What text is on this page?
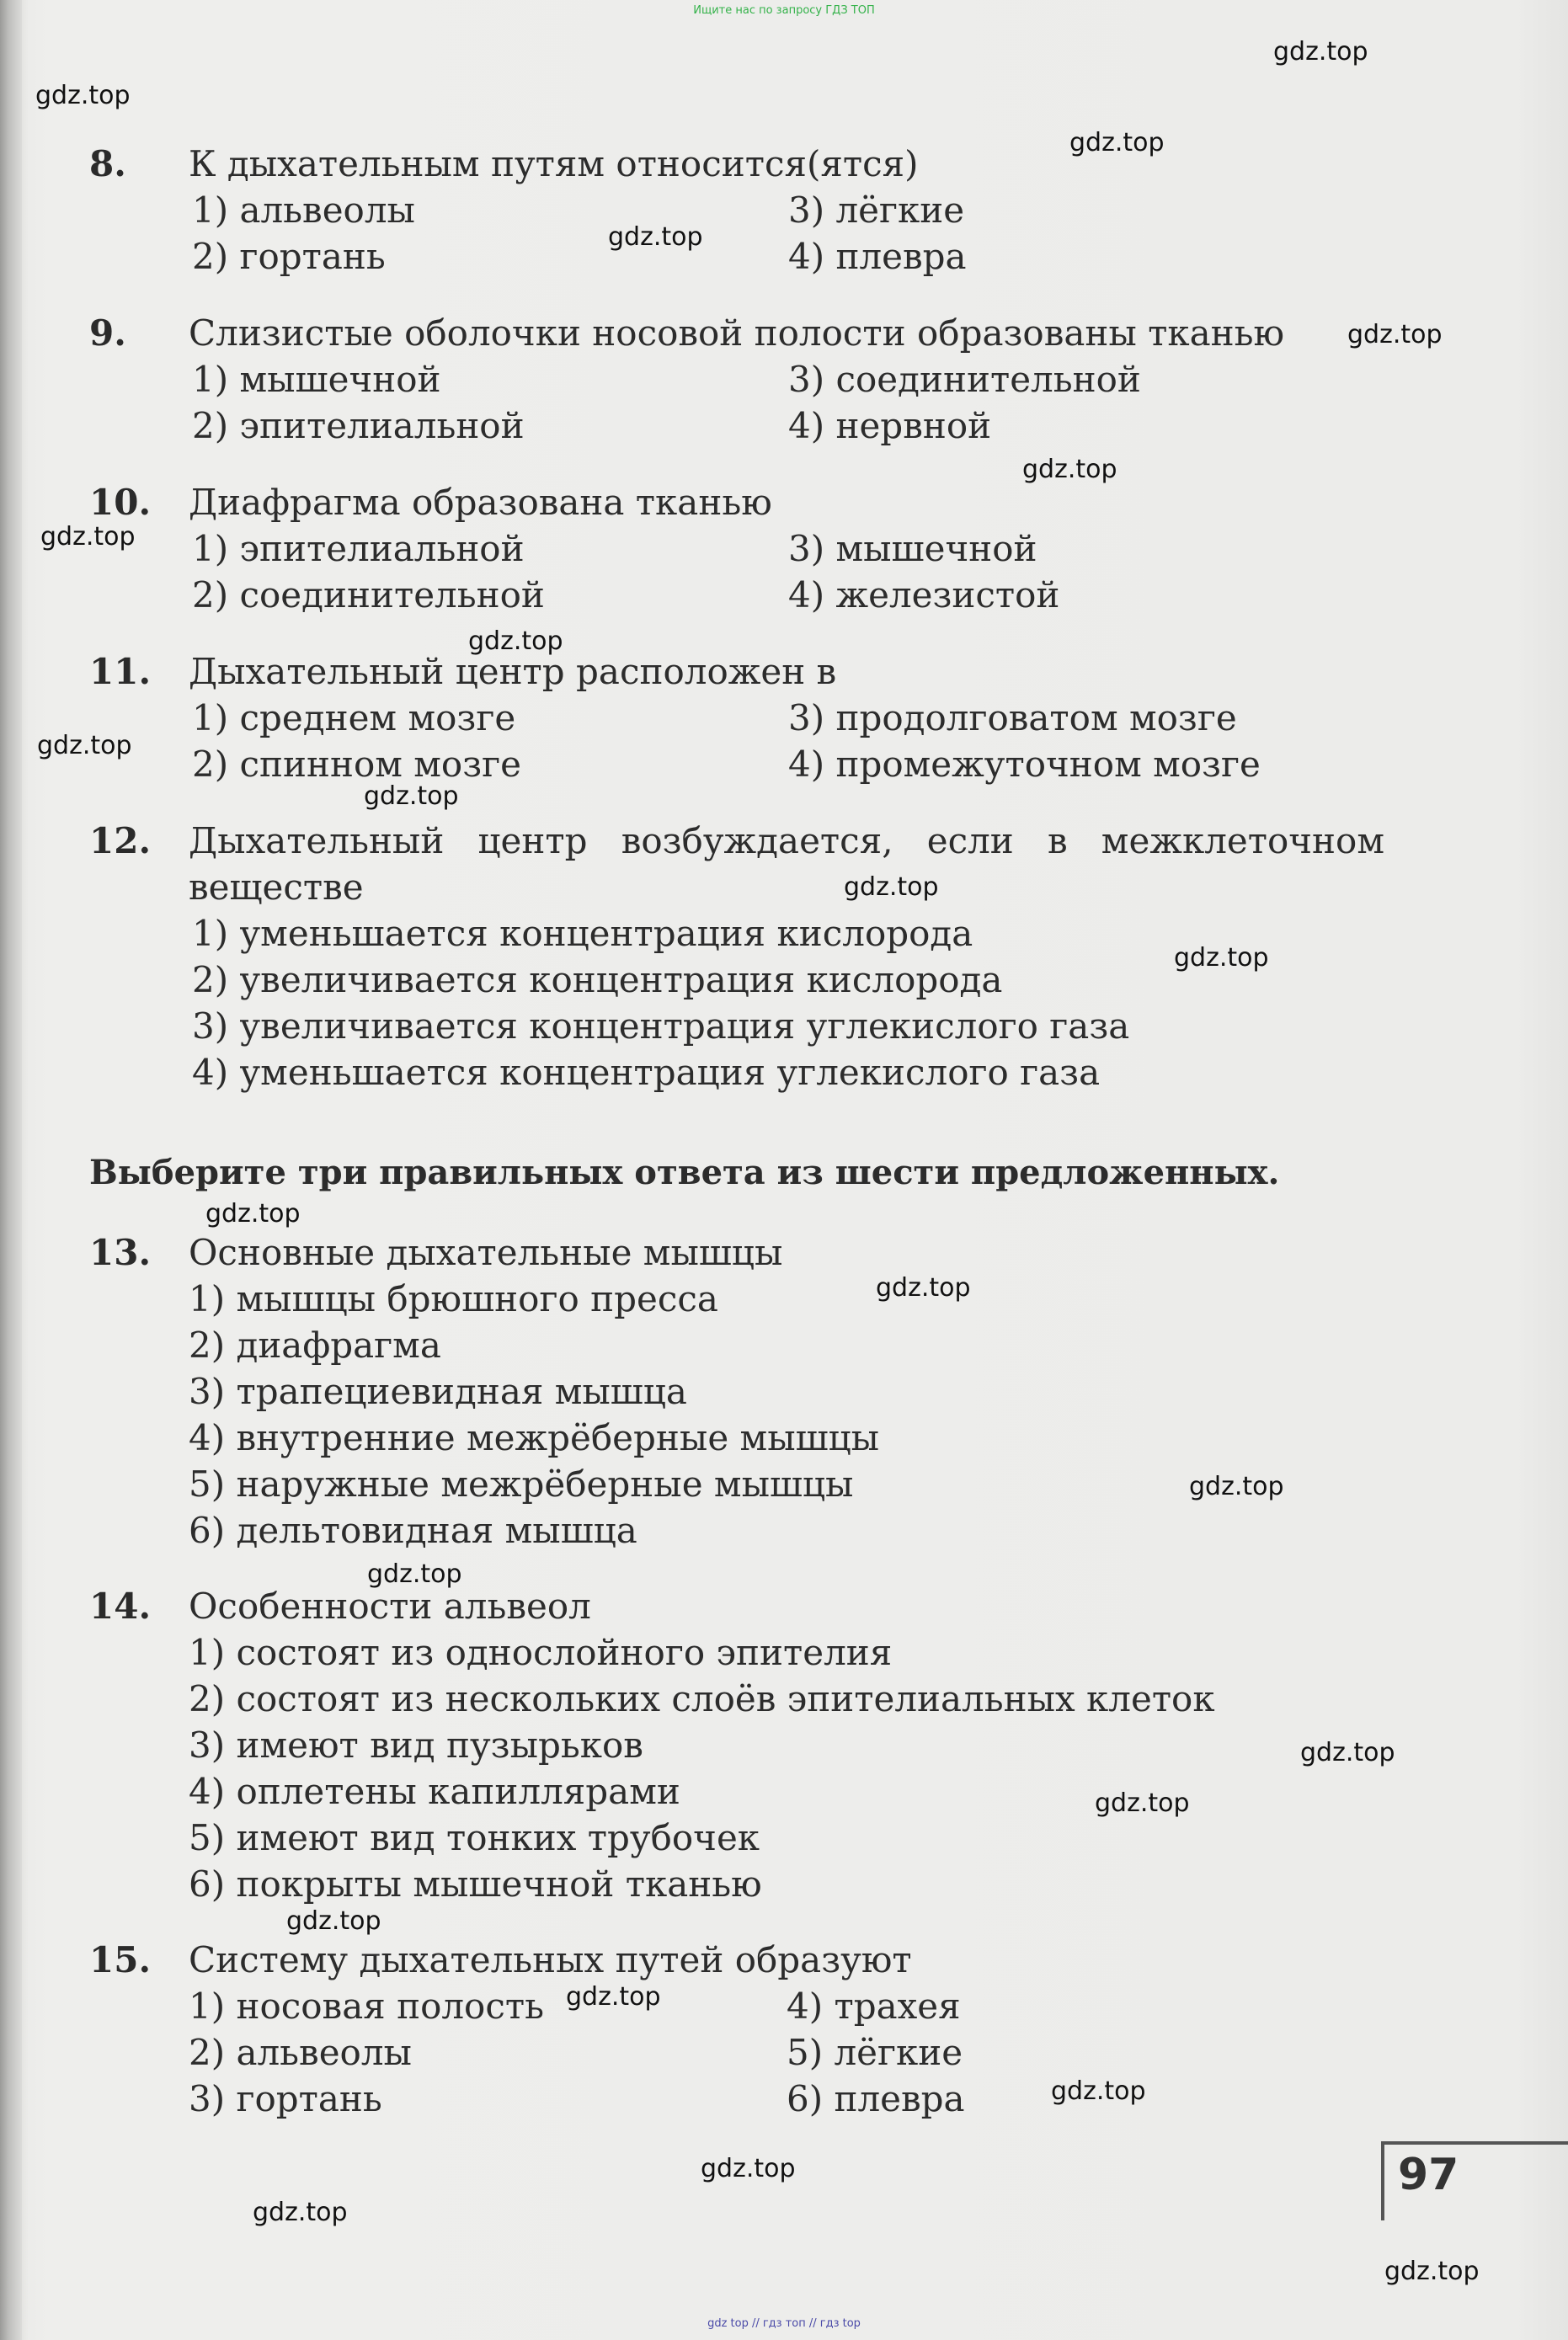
Ищите нас по запросу ГДЗ ТОП
8. К дыхательным путям относится(ятся)
1) альвеолы	3) лёгкие
2) гортань	4) плевра
9. Слизистые оболочки носовой полости образованы тканью
1) мышечной	3) соединительной
2) эпителиальной	4) нервной
10. Диафрагма образована тканью
1) эпителиальной	3) мышечной
2) соединительной	4) железистой
11. Дыхательный центр расположен в
1) среднем мозге	3) продолговатом мозге
2) спинном мозге	4) промежуточном мозге
12. Дыхательный центр возбуждается, если в межклеточном веществе
1) уменьшается концентрация кислорода
2) увеличивается концентрация кислорода
3) увеличивается концентрация углекислого газа
4) уменьшается концентрация углекислого газа
Выберите три правильных ответа из шести предложенных.
13. Основные дыхательные мышцы
1) мышцы брюшного пресса
2) диафрагма
3) трапециевидная мышца
4) внутренние межрёберные мышцы
5) наружные межрёберные мышцы
6) дельтовидная мышца
14. Особенности альвеол
1) состоят из однослойного эпителия
2) состоят из нескольких слоёв эпителиальных клеток
3) имеют вид пузырьков
4) оплетены капиллярами
5) имеют вид тонких трубочек
6) покрыты мышечной тканью
15. Систему дыхательных путей образуют
1) носовая полость	4) трахея
2) альвеолы	5) лёгкие
3) гортань	6) плевра
97
gdz.top
gdz.top
gdz.top
gdz.top
gdz.top
gdz.top
gdz.top
gdz.top
gdz.top
gdz.top
gdz.top
gdz.top
gdz.top
gdz.top
gdz.top
gdz.top
gdz.top
gdz.top
gdz.top
gdz.top
gdz.top
gdz.top
gdz.top
gdz.top
gdz top // гдз топ // гдз top
